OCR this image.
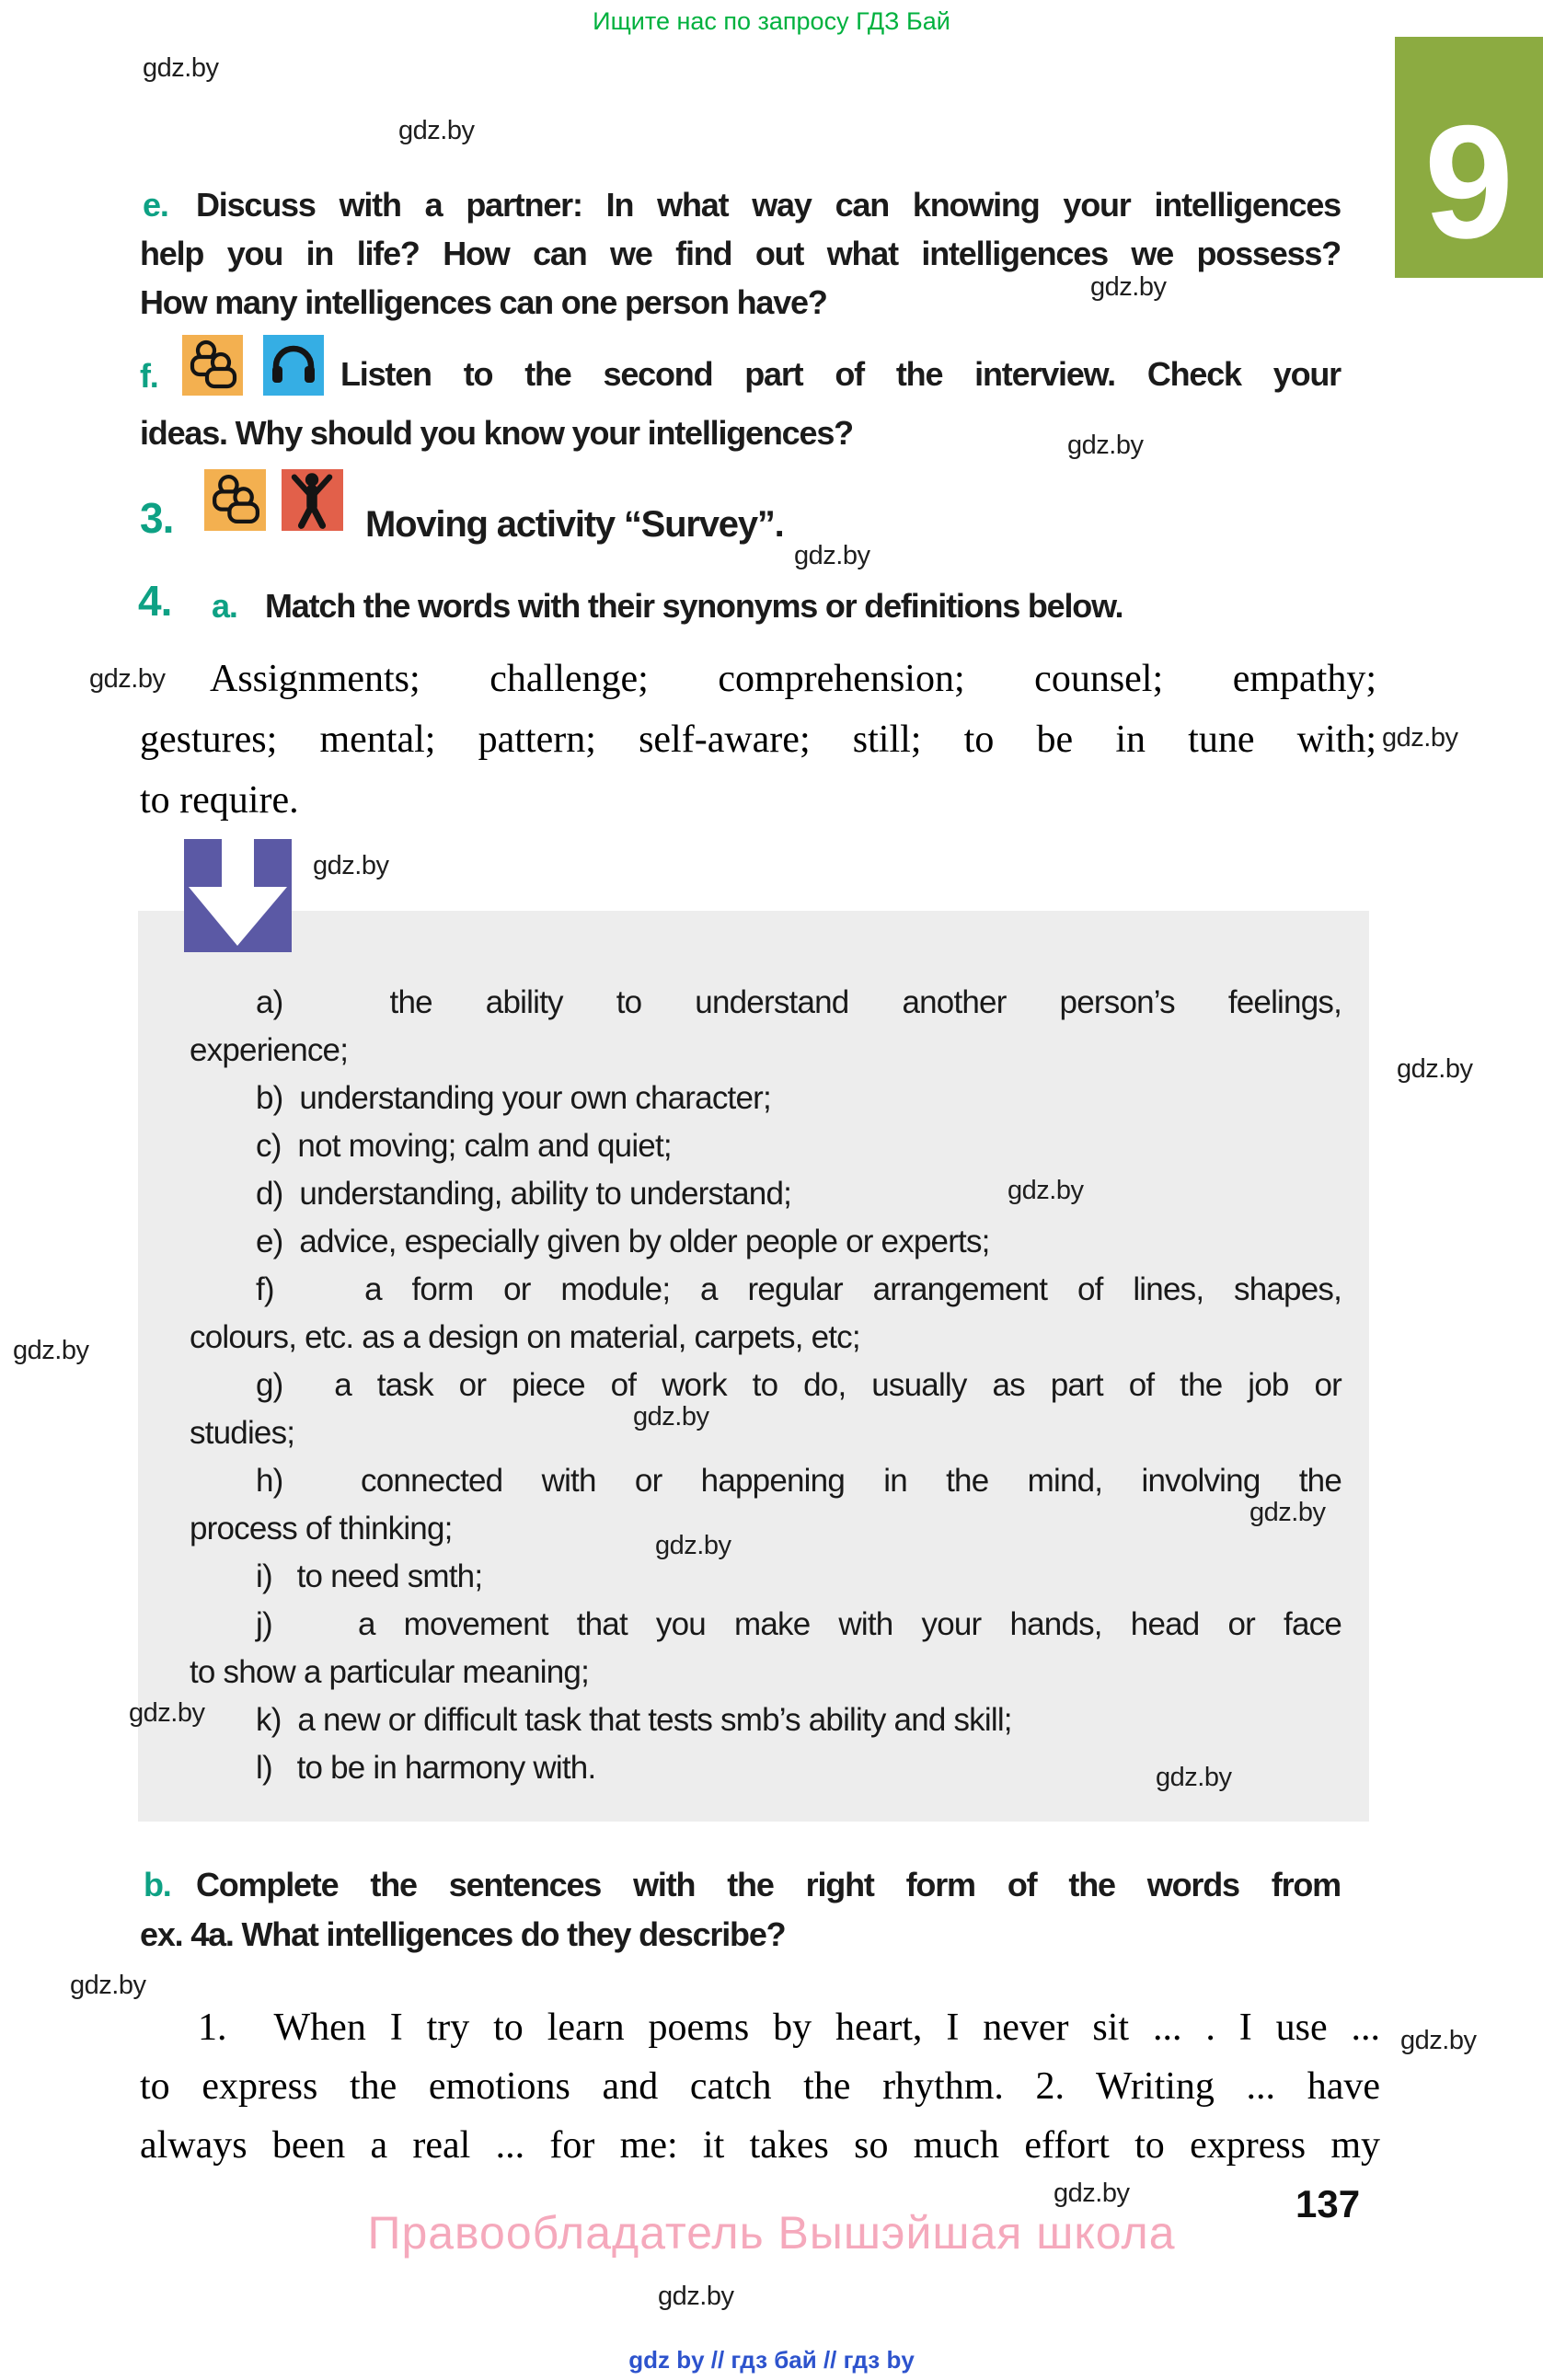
Ищите нас по запросу ГДЗ Бай
9
e. Discuss with a partner: In what way can knowing your intelligences
help you in life? How can we find out what intelligences we possess?
How many intelligences can one person have?
f.	Listen to the second part of the interview. Check your
ideas. Why should you know your intelligences?
3.	Moving activity “Survey”.
4. a. Match the words with their synonyms or definitions below.
Assignments; challenge; comprehension; counsel; empathy;
gestures; mental; pattern; self-aware; still; to be in tune with;
to require.
a)  the ability to understand another person’s feelings,
experience;
b)  understanding your own character;
c)  not moving; calm and quiet;
d)  understanding, ability to understand;
e)  advice, especially given by older people or experts;
f)   a form or module; a regular arrangement of lines, shapes,
colours, etc. as a design on material, carpets, etc;
g)  a task or piece of work to do, usually as part of the job or
studies;
h)  connected with or happening in the mind, involving the
process of thinking;
i)   to need smth;
j)   a movement that you make with your hands, head or face
to show a particular meaning;
k)  a new or difficult task that tests smb’s ability and skill;
l)   to be in harmony with.
b. Complete the sentences with the right form of the words from
ex. 4a. What intelligences do they describe?
1.  When I try to learn poems by heart, I never sit ... . I use ...
to express the emotions and catch the rhythm. 2. Writing ... have
always been a real ... for me: it takes so much effort to express my
137
Правообладатель Вышэйшая школа
gdz by // гдз бай // гдз by
gdz.by
gdz.by
gdz.by
gdz.by
gdz.by
gdz.by
gdz.by
gdz.by
gdz.by
gdz.by
gdz.by
gdz.by
gdz.by
gdz.by
gdz.by
gdz.by
gdz.by
gdz.by
gdz.by
gdz.by
